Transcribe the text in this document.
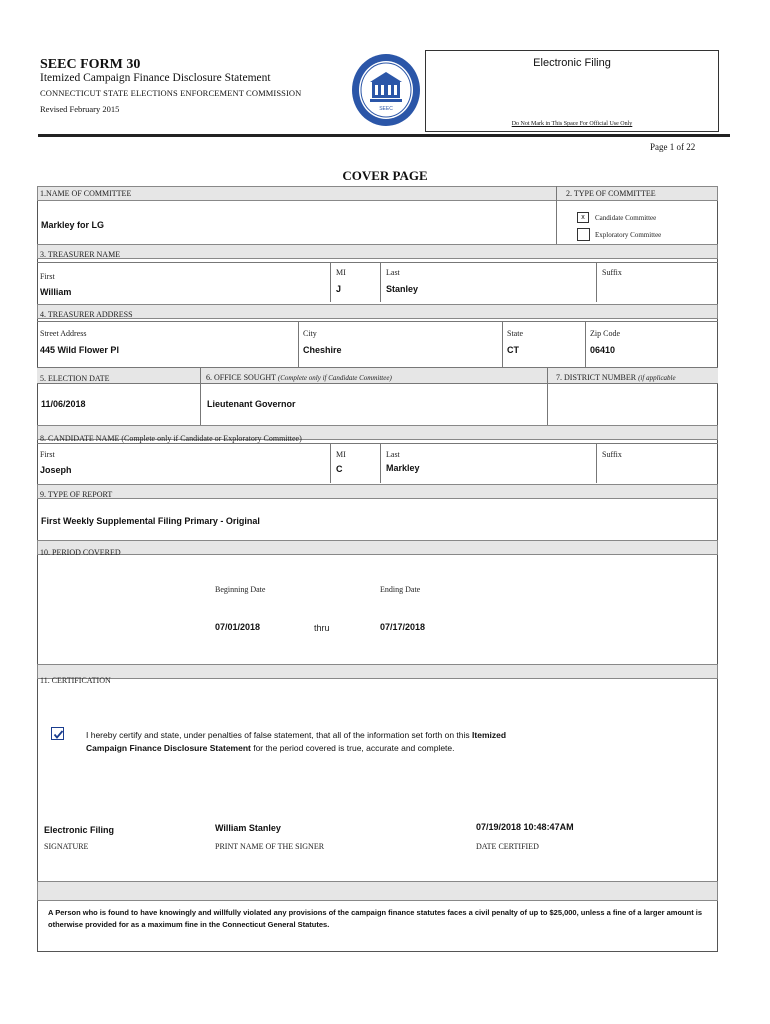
SEEC FORM 30
Itemized Campaign Finance Disclosure Statement
CONNECTICUT STATE ELECTIONS ENFORCEMENT COMMISSION
Revised February 2015	SEEC
Electronic Filing
Do Not Mark in This Space For Official Use Only
Page 1 of 22
COVER PAGE
1.NAME OF COMMITTEE	2. TYPE OF COMMITTEE
Markley for LG
x	Candidate Committee
Exploratory Committee
3. TREASURER NAME
First
William
MI
J
Last
Stanley
Suffix
4. TREASURER ADDRESS
Street Address
445 Wild Flower Pl
City
Cheshire
State
CT
Zip Code
06410
5. ELECTION DATE	6. OFFICE SOUGHT (Complete only if Candidate Committee)	7. DISTRICT NUMBER (if applicable
11/06/2018	Lieutenant Governor
8. CANDIDATE NAME (Complete only if Candidate or Exploratory Committee)
First
Joseph
MI
C
Last
Markley
Suffix
9. TYPE OF REPORT
First Weekly Supplemental Filing Primary - Original
10. PERIOD COVERED
Beginning Date	Ending Date
07/01/2018	thru	07/17/2018
11. CERTIFICATION
I hereby certify and state, under penalties of false statement, that all of the information set forth on this Itemized Campaign Finance Disclosure Statement for the period covered is true, accurate and complete.
Electronic Filing
SIGNATURE
William Stanley
PRINT NAME OF THE SIGNER
07/19/2018 10:48:47AM
DATE CERTIFIED
A Person who is found to have knowingly and willfully violated any provisions of the campaign finance statutes faces a civil penalty of up to $25,000, unless a fine of a larger amount is otherwise provided for as a maximum fine in the Connecticut General Statutes.
